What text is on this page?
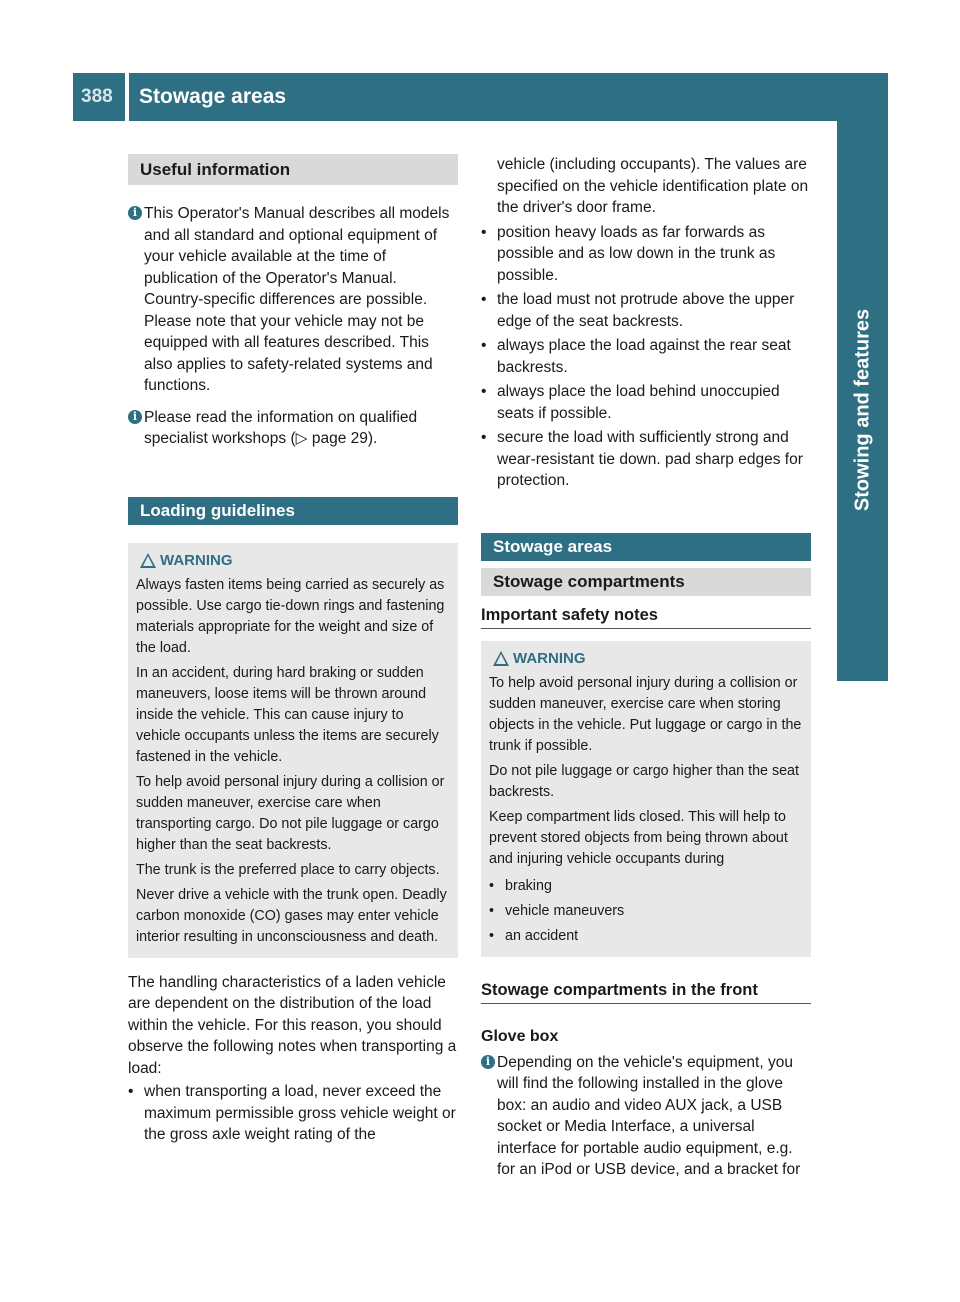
388	Stowage areas
Stowing and features
Useful information
i This Operator's Manual describes all models and all standard and optional equipment of your vehicle available at the time of publication of the Operator's Manual. Country-specific differences are possible. Please note that your vehicle may not be equipped with all features described. This also applies to safety-related systems and functions.
i Please read the information on qualified specialist workshops (▷ page 29).
Loading guidelines
WARNING
Always fasten items being carried as securely as possible. Use cargo tie-down rings and fastening materials appropriate for the weight and size of the load.
In an accident, during hard braking or sudden maneuvers, loose items will be thrown around inside the vehicle. This can cause injury to vehicle occupants unless the items are securely fastened in the vehicle.
To help avoid personal injury during a collision or sudden maneuver, exercise care when transporting cargo. Do not pile luggage or cargo higher than the seat backrests.
The trunk is the preferred place to carry objects.
Never drive a vehicle with the trunk open. Deadly carbon monoxide (CO) gases may enter vehicle interior resulting in unconsciousness and death.
The handling characteristics of a laden vehicle are dependent on the distribution of the load within the vehicle. For this reason, you should observe the following notes when transporting a load:
• when transporting a load, never exceed the maximum permissible gross vehicle weight or the gross axle weight rating of the
vehicle (including occupants). The values are specified on the vehicle identification plate on the driver's door frame.
• position heavy loads as far forwards as possible and as low down in the trunk as possible.
• the load must not protrude above the upper edge of the seat backrests.
• always place the load against the rear seat backrests.
• always place the load behind unoccupied seats if possible.
• secure the load with sufficiently strong and wear-resistant tie down. pad sharp edges for protection.
Stowage areas
Stowage compartments
Important safety notes
WARNING
To help avoid personal injury during a collision or sudden maneuver, exercise care when storing objects in the vehicle. Put luggage or cargo in the trunk if possible.
Do not pile luggage or cargo higher than the seat backrests.
Keep compartment lids closed. This will help to prevent stored objects from being thrown about and injuring vehicle occupants during
• braking
• vehicle maneuvers
• an accident
Stowage compartments in the front
Glove box
i Depending on the vehicle's equipment, you will find the following installed in the glove box: an audio and video AUX jack, a USB socket or Media Interface, a universal interface for portable audio equipment, e.g. for an iPod or USB device, and a bracket for
